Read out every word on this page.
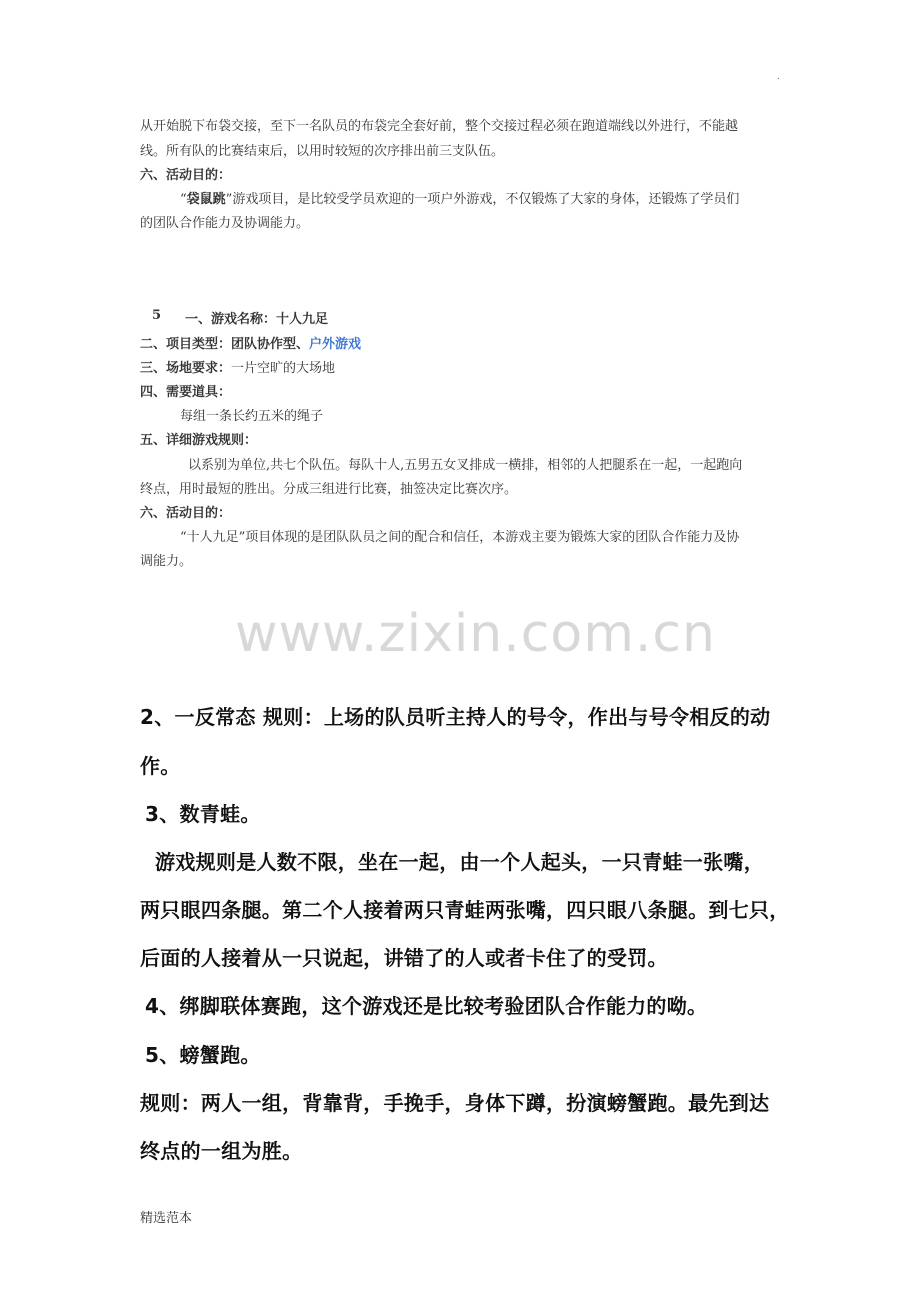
.
从开始脱下布袋交接，至下一名队员的布袋完全套好前，整个交接过程必须在跑道端线以外进行，不能越
线。所有队的比赛结束后，以用时较短的次序排出前三支队伍。
六、活动目的：
“袋鼠跳”游戏项目，是比较受学员欢迎的一项户外游戏，不仅锻炼了大家的身体，还锻炼了学员们
的团队合作能力及协调能力。
5 一、游戏名称：十人九足
二、项目类型：团队协作型、户外游戏
三、场地要求：一片空旷的大场地
四、需要道具：
每组一条长约五米的绳子
五、详细游戏规则：
以系别为单位,共七个队伍。每队十人,五男五女叉排成一横排，相邻的人把腿系在一起，一起跑向
终点，用时最短的胜出。分成三组进行比赛，抽签决定比赛次序。
六、活动目的：
“十人九足”项目体现的是团队队员之间的配合和信任，本游戏主要为锻炼大家的团队合作能力及协
调能力。
www.zixin.com.cn
2、一反常态 规则：上场的队员听主持人的号令，作出与号令相反的动
作。
3、数青蛙。
游戏规则是人数不限，坐在一起，由一个人起头，一只青蛙一张嘴，
两只眼四条腿。第二个人接着两只青蛙两张嘴，四只眼八条腿。到七只，
后面的人接着从一只说起，讲错了的人或者卡住了的受罚。
4、绑脚联体赛跑，这个游戏还是比较考验团队合作能力的呦。
5、螃蟹跑。
规则：两人一组，背靠背，手挽手，身体下蹲，扮演螃蟹跑。最先到达
终点的一组为胜。
精选范本
